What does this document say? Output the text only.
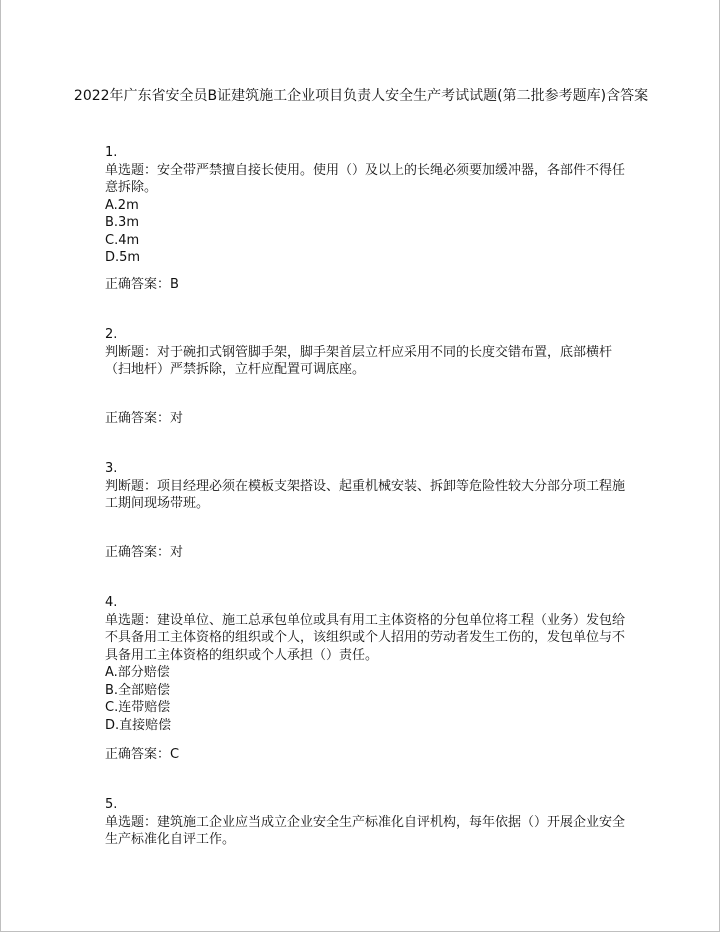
2022年广东省安全员B证建筑施工企业项目负责人安全生产考试试题(第二批参考题库)含答案
1.
单选题：安全带严禁擅自接长使用。使用（）及以上的长绳必须要加缓冲器，各部件不得任意拆除。
A.2m
B.3m
C.4m
D.5m
正确答案：B
2.
判断题：对于碗扣式钢管脚手架，脚手架首层立杆应采用不同的长度交错布置，底部横杆（扫地杆）严禁拆除，立杆应配置可调底座。
正确答案：对
3.
判断题：项目经理必须在模板支架搭设、起重机械安装、拆卸等危险性较大分部分项工程施工期间现场带班。
正确答案：对
4.
单选题：建设单位、施工总承包单位或具有用工主体资格的分包单位将工程（业务）发包给不具备用工主体资格的组织或个人，该组织或个人招用的劳动者发生工伤的，发包单位与不具备用工主体资格的组织或个人承担（）责任。
A.部分赔偿
B.全部赔偿
C.连带赔偿
D.直接赔偿
正确答案：C
5.
单选题：建筑施工企业应当成立企业安全生产标准化自评机构，每年依据（）开展企业安全生产标准化自评工作。
